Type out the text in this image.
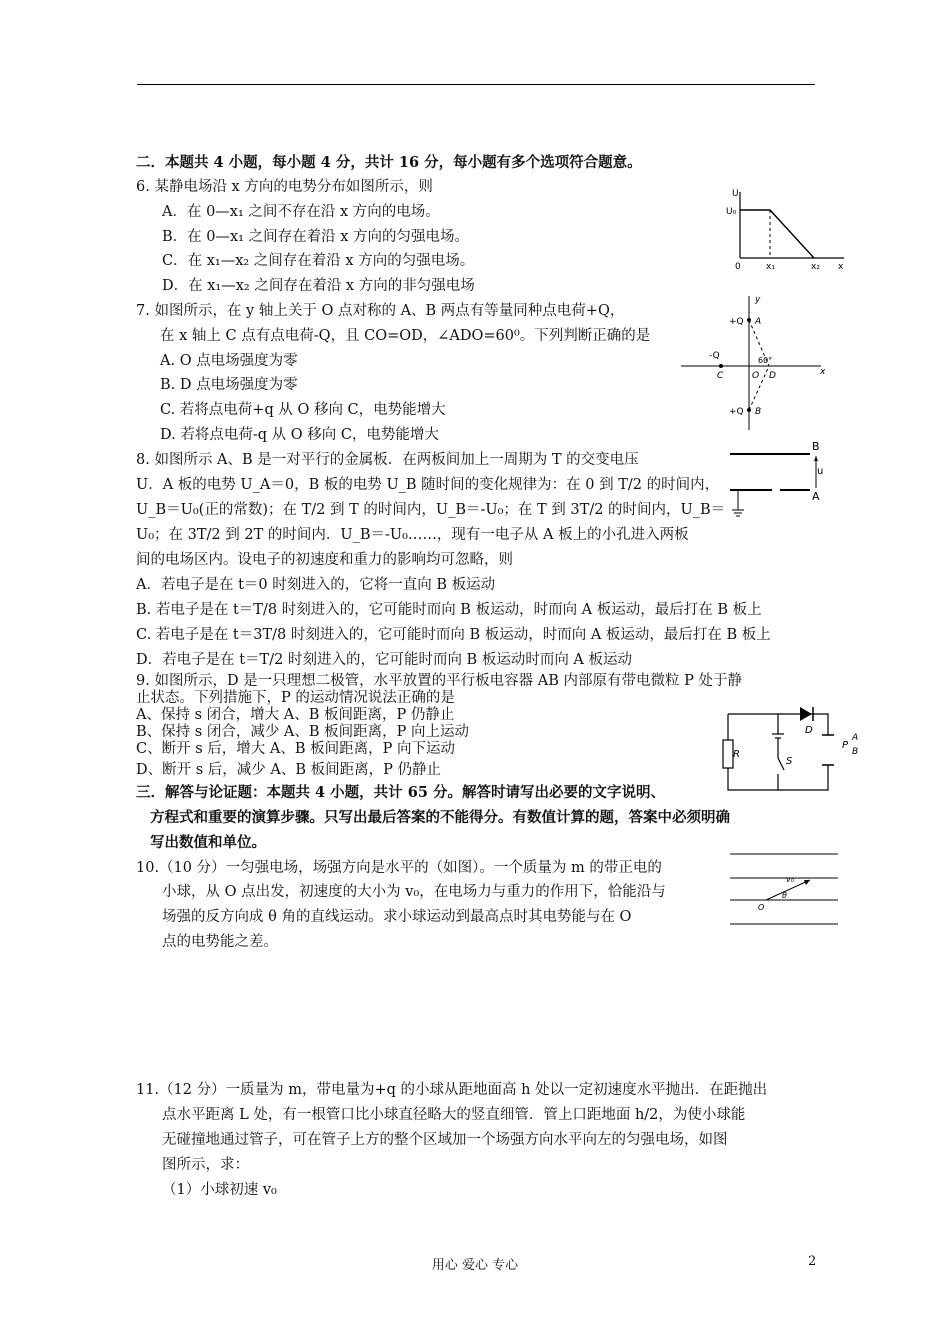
二．本题共 4 小题，每小题 4 分，共计 16 分，每小题有多个选项符合题意。
6. 某静电场沿 x 方向的电势分布如图所示，则
A．在 0—x₁ 之间不存在沿 x 方向的电场。
B．在 0—x₁ 之间存在着沿 x 方向的匀强电场。
C．在 x₁—x₂ 之间存在着沿 x 方向的匀强电场。
D．在 x₁—x₂ 之间存在着沿 x 方向的非匀强电场
U
U₀
0	x₁	x₂ x
7. 如图所示，在 y 轴上关于 O 点对称的 A、B 两点有等量同种点电荷+Q，
在 x 轴上 C 点有点电荷-Q，且 CO=OD，∠ADO=60⁰。下列判断正确的是
A. O 点电场强度为零
B. D 点电场强度为零
C. 若将点电荷+q 从 O 移向 C，电势能增大
D. 若将点电荷-q 从 O 移向 C，电势能增大
y
x
+Q A
-Q
C	O D
60°
+Q B
8. 如图所示 A、B 是一对平行的金属板．在两板间加上一周期为 T 的交变电压
U．A 板的电势 U_A＝0，B 板的电势 U_B 随时间的变化规律为：在 0 到 T/2 的时间内，
U_B＝U₀(正的常数)；在 T/2 到 T 的时间内，U_B＝-U₀；在 T 到 3T/2 的时间内，U_B＝
U₀；在 3T/2 到 2T 的时间内．U_B＝-U₀……，现有一电子从 A 板上的小孔进入两板
间的电场区内。设电子的初速度和重力的影响均可忽略，则
A．若电子是在 t＝0 时刻进入的，它将一直向 B 板运动
B. 若电子是在 t＝T/8 时刻进入的，它可能时而向 B 板运动，时而向 A 板运动，最后打在 B 板上
C. 若电子是在 t＝3T/8 时刻进入的，它可能时而向 B 板运动，时而向 A 板运动，最后打在 B 板上
D．若电子是在 t＝T/2 时刻进入的，它可能时而向 B 板运动时而向 A 板运动
B
u
A
9. 如图所示，D 是一只理想二极管，水平放置的平行板电容器 AB 内部原有带电微粒 P 处于静
止状态。下列措施下，P 的运动情况说法正确的是
A、保持 s 闭合，增大 A、B 板间距离，P 仍静止
B、保持 s 闭合，减少 A、B 板间距离，P 向上运动
C、断开 s 后，增大 A、B 板间距离，P 向下运动
D、断开 s 后，减少 A、B 板间距离，P 仍静止
D
R
S
P
A
B
三．解答与论证题：本题共 4 小题，共计 65 分。解答时请写出必要的文字说明、
方程式和重要的演算步骤。只写出最后答案的不能得分。有数值计算的题，答案中必须明确
写出数值和单位。
10.（10 分）一匀强电场，场强方向是水平的（如图）。一个质量为 m 的带正电的
小球，从 O 点出发，初速度的大小为 v₀，在电场力与重力的作用下，恰能沿与
场强的反方向成 θ 角的直线运动。求小球运动到最高点时其电势能与在 O
点的电势能之差。
v₀
θ
O
11.（12 分）一质量为 m，带电量为+q 的小球从距地面高 h 处以一定初速度水平抛出．在距抛出
点水平距离 L 处，有一根管口比小球直径略大的竖直细管．管上口距地面 h/2，为使小球能
无碰撞地通过管子，可在管子上方的整个区域加一个场强方向水平向左的匀强电场，如图
图所示，求：
（1）小球初速 v₀
用心 爱心 专心	2
